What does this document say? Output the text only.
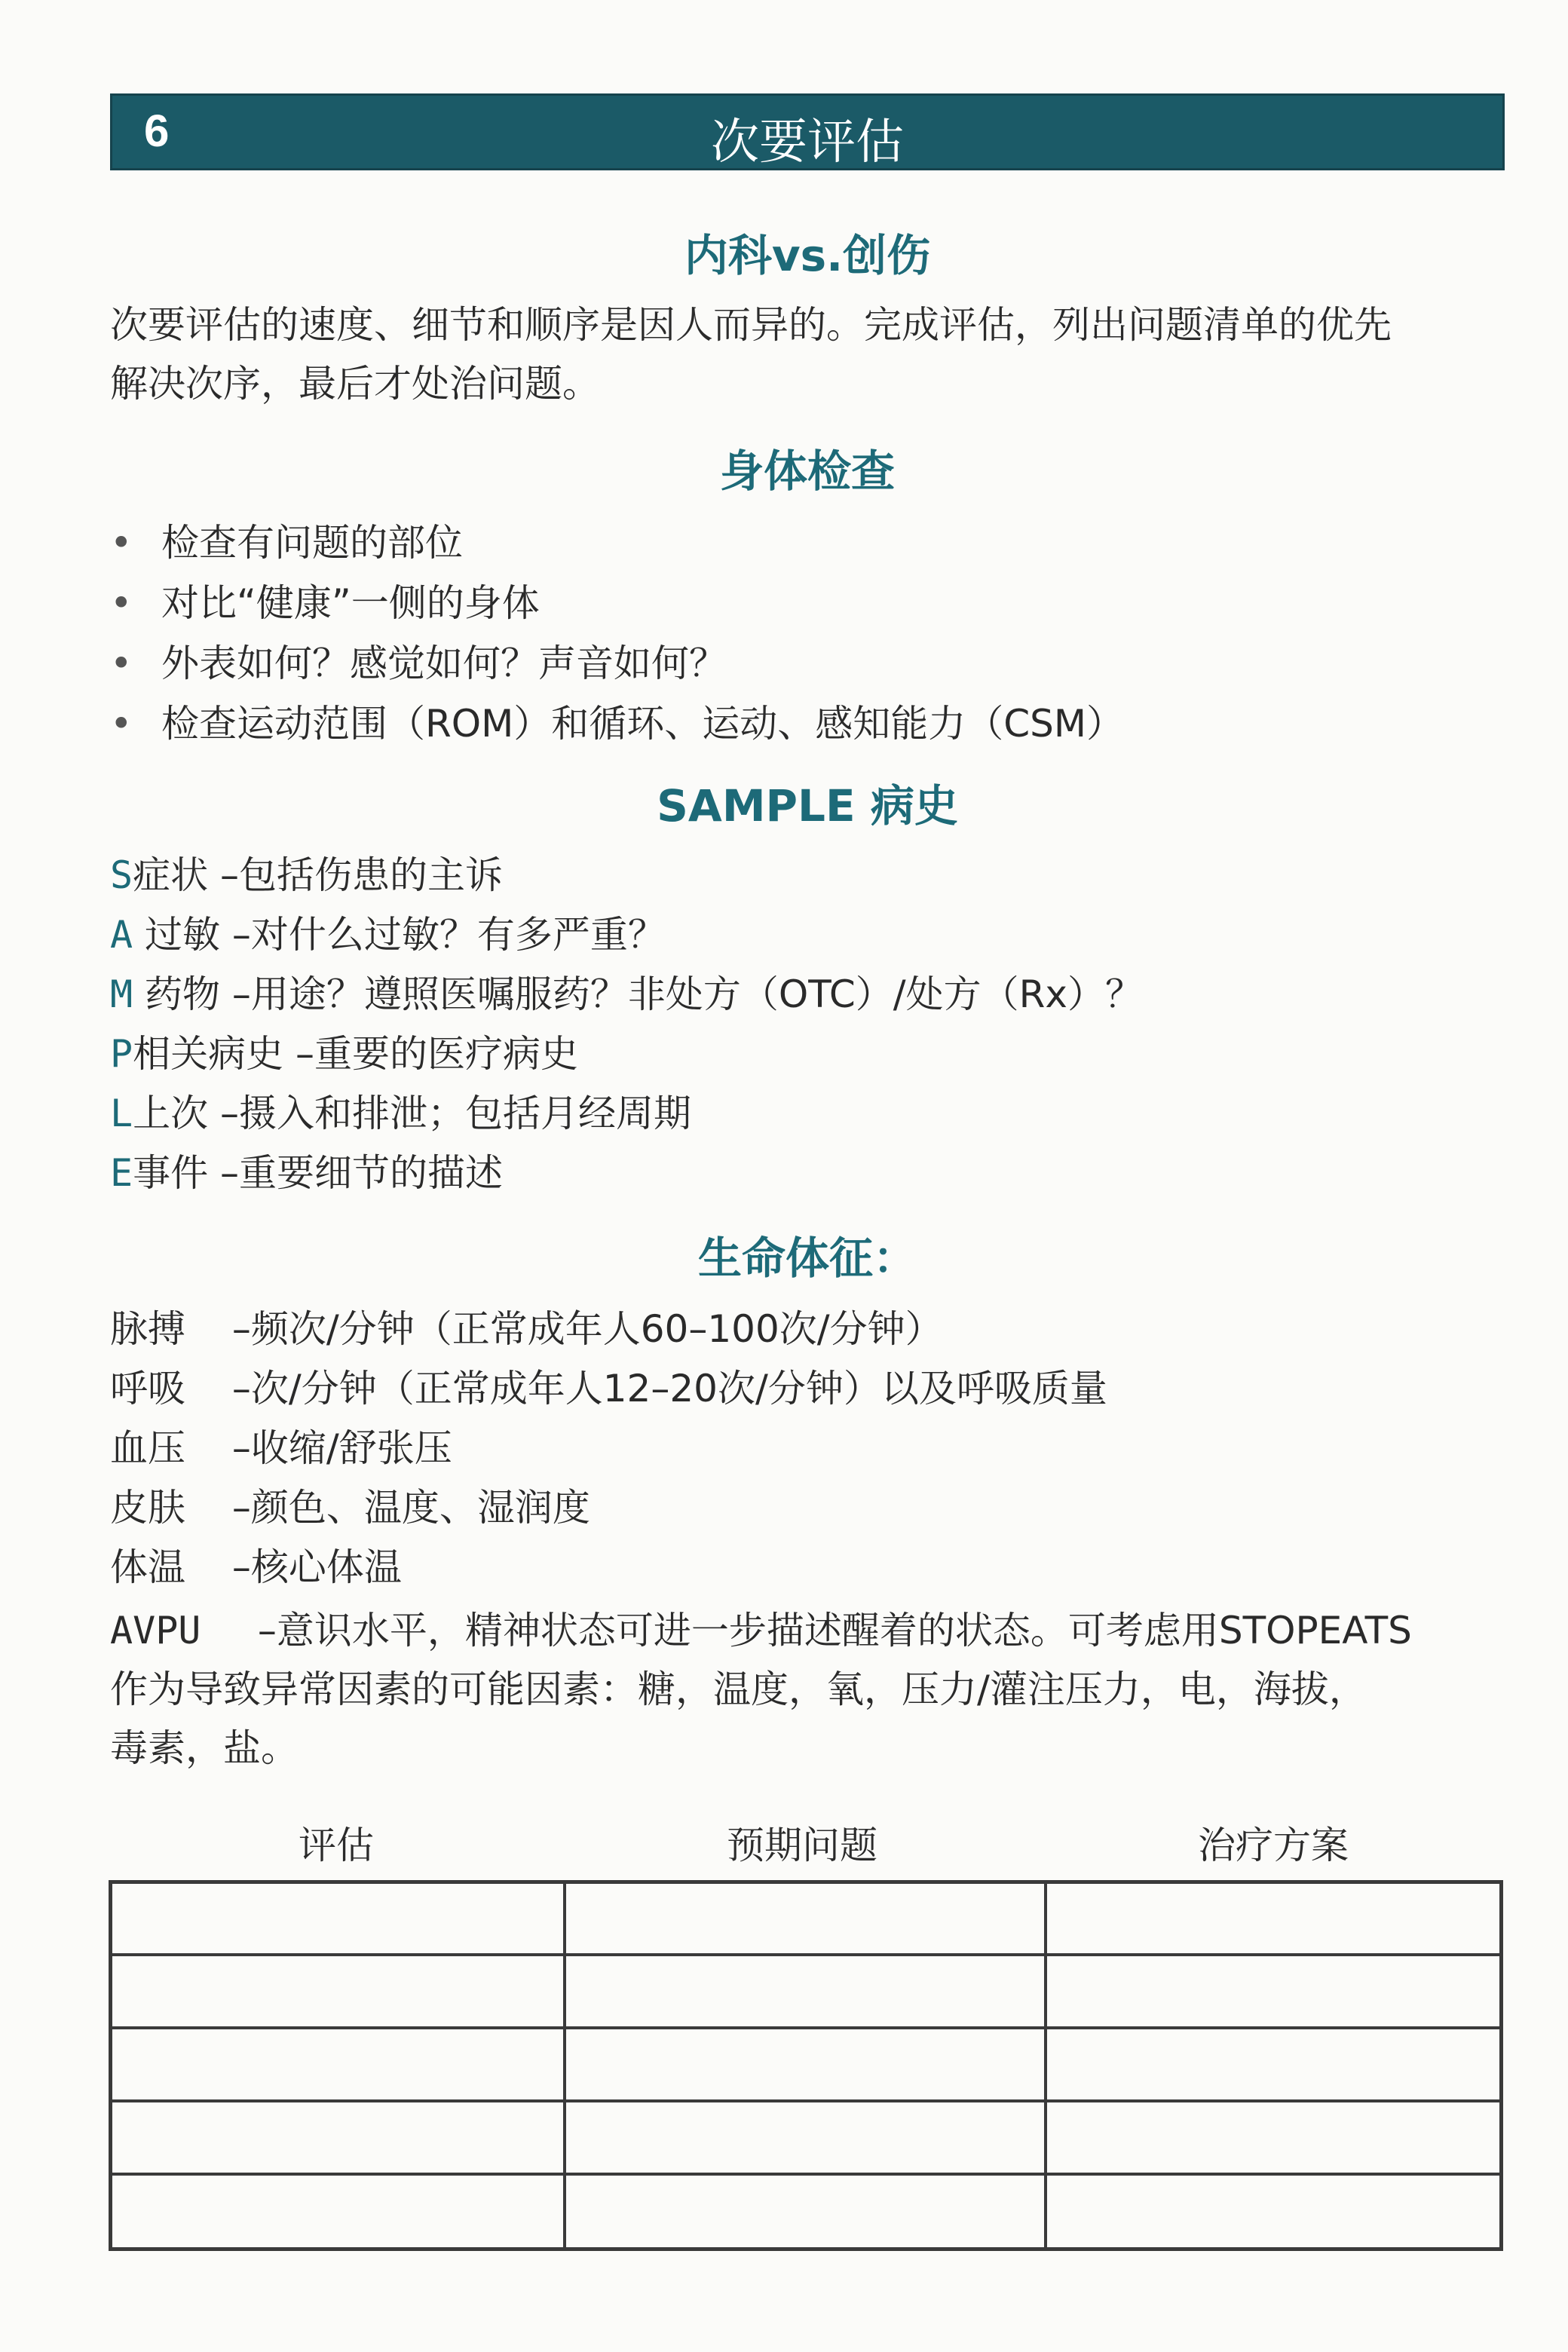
6	次要评估
内科vs.创伤
次要评估的速度、细节和顺序是因人而异的。完成评估，列出问题清单的优先
解决次序，最后才处治问题。
身体检查
• 检查有问题的部位
• 对比“健康”一侧的身体
• 外表如何？感觉如何？声音如何？
• 检查运动范围（ROM）和循环、运动、感知能力（CSM）
SAMPLE 病史
S症状 –包括伤患的主诉
A 过敏 –对什么过敏？有多严重？
M 药物 –用途？遵照医嘱服药？非处方（OTC）/处方（Rx）？
P相关病史 –重要的医疗病史
L上次 –摄入和排泄；包括月经周期
E事件 –重要细节的描述
生命体征：
脉搏 –频次/分钟（正常成年人60–100次/分钟）
呼吸 –次/分钟（正常成年人12–20次/分钟）以及呼吸质量
血压 –收缩/舒张压
皮肤 –颜色、温度、湿润度
体温 –核心体温
AVPU –意识水平，精神状态可进一步描述醒着的状态。可考虑用STOPEATS
作为导致异常因素的可能因素：糖，温度，氧，压力/灌注压力，电，海拔，
毒素，盐。
评估	预期问题	治疗方案
